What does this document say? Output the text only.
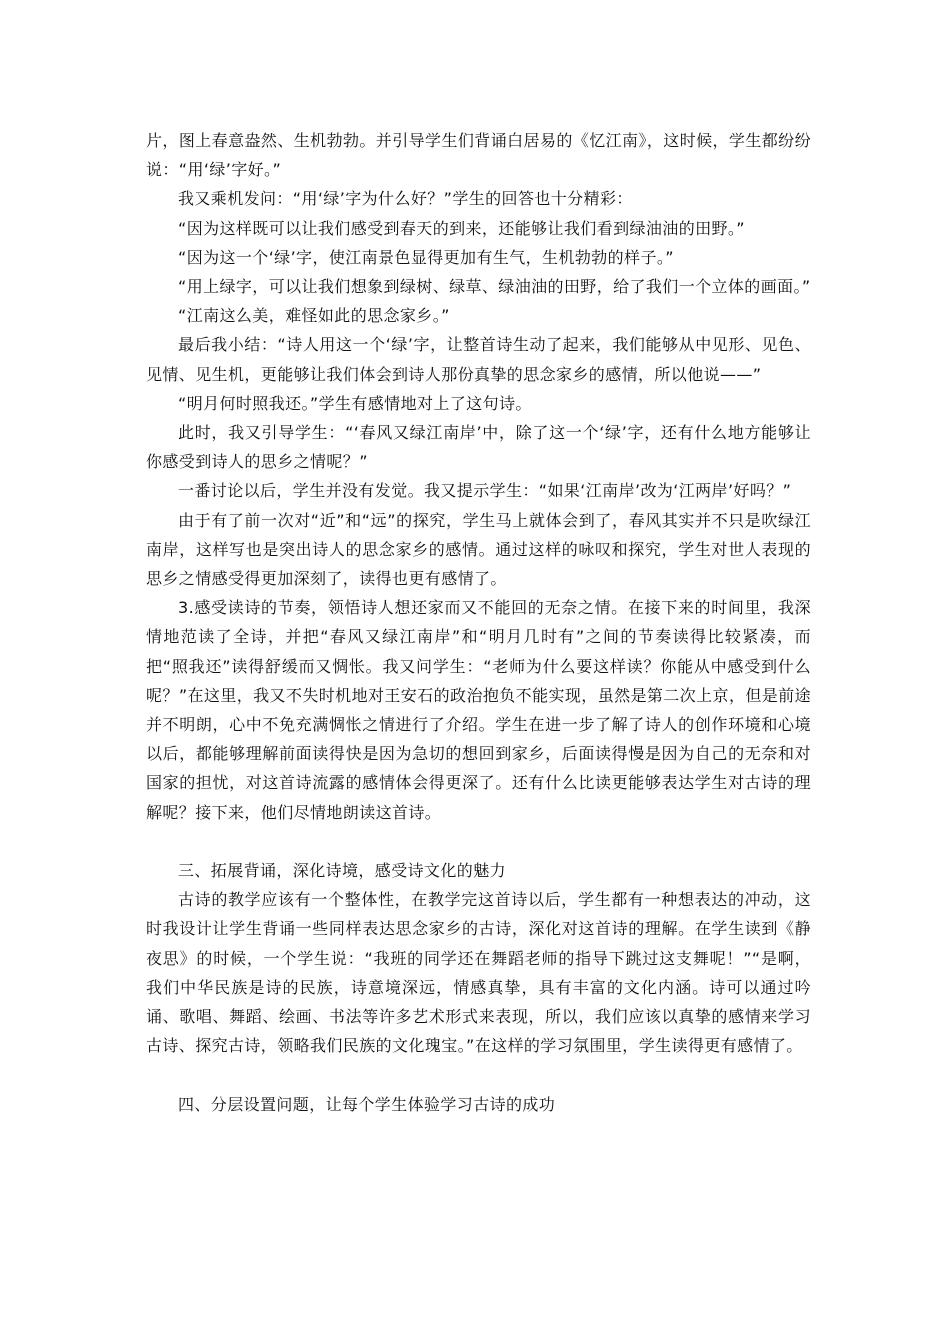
片，图上春意盎然、生机勃勃。并引导学生们背诵白居易的《忆江南》，这时候，学生都纷纷说：“用‘绿’字好。”

我又乘机发问：“用‘绿’字为什么好？”学生的回答也十分精彩：

“因为这样既可以让我们感受到春天的到来，还能够让我们看到绿油油的田野。”

“因为这一个‘绿’字，使江南景色显得更加有生气，生机勃勃的样子。”

“用上绿字，可以让我们想象到绿树、绿草、绿油油的田野，给了我们一个立体的画面。”

“江南这么美，难怪如此的思念家乡。”

最后我小结：“诗人用这一个‘绿’字，让整首诗生动了起来，我们能够从中见形、见色、见情、见生机，更能够让我们体会到诗人那份真挚的思念家乡的感情，所以他说——”

“明月何时照我还。”学生有感情地对上了这句诗。

此时，我又引导学生：“‘春风又绿江南岸’中，除了这一个‘绿’字，还有什么地方能够让你感受到诗人的思乡之情呢？”

一番讨论以后，学生并没有发觉。我又提示学生：“如果‘江南岸’改为‘江两岸’好吗？”

由于有了前一次对“近”和“远”的探究，学生马上就体会到了，春风其实并不只是吹绿江南岸，这样写也是突出诗人的思念家乡的感情。通过这样的咏叹和探究，学生对世人表现的思乡之情感受得更加深刻了，读得也更有感情了。

3.感受读诗的节奏，领悟诗人想还家而又不能回的无奈之情。在接下来的时间里，我深情地范读了全诗，并把“春风又绿江南岸”和“明月几时有”之间的节奏读得比较紧凑，而把“照我还”读得舒缓而又惆怅。我又问学生：“老师为什么要这样读？你能从中感受到什么呢？”在这里，我又不失时机地对王安石的政治抱负不能实现，虽然是第二次上京，但是前途并不明朗，心中不免充满惆怅之情进行了介绍。学生在进一步了解了诗人的创作环境和心境以后，都能够理解前面读得快是因为急切的想回到家乡，后面读得慢是因为自己的无奈和对国家的担忧，对这首诗流露的感情体会得更深了。还有什么比读更能够表达学生对古诗的理解呢？接下来，他们尽情地朗读这首诗。

三、拓展背诵，深化诗境，感受诗文化的魅力

古诗的教学应该有一个整体性，在教学完这首诗以后，学生都有一种想表达的冲动，这时我设计让学生背诵一些同样表达思念家乡的古诗，深化对这首诗的理解。在学生读到《静夜思》的时候，一个学生说：“我班的同学还在舞蹈老师的指导下跳过这支舞呢！”“是啊，我们中华民族是诗的民族，诗意境深远，情感真挚，具有丰富的文化内涵。诗可以通过吟诵、歌唱、舞蹈、绘画、书法等许多艺术形式来表现，所以，我们应该以真挚的感情来学习古诗、探究古诗，领略我们民族的文化瑰宝。”在这样的学习氛围里，学生读得更有感情了。

四、分层设置问题，让每个学生体验学习古诗的成功
